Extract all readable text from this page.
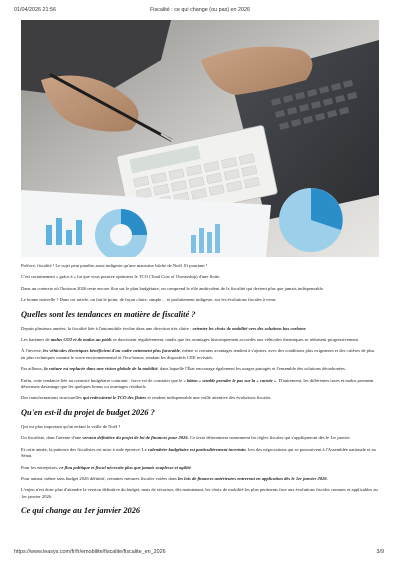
01/04/2026 21:56	Fiscalité : ce qui change (ou pas) en 2026

Préface, fiscalité ! Le sujet peut paraître aussi indigeste qu'une mauvaise bûche de Noël. Et pourtant !

C'est certainement « grâce à » lui que vous pourrez optimiser le TCO (Total Cost of Ownership) d'une flotte.

Dans un contexte où l'horizon 2026 reste encore flou sur le plan budgétaire, on comprend le rôle ambivalent de la fiscalité qui devient plus que jamais indispensable.

Le bonne nouvelle ? Dans cet article, on fait le point, de façon claire, simple… et parfaitement indigeste, sur les évolutions fiscales à venir.

Quelles sont les tendances en matière de fiscalité ?

Depuis plusieurs années, la fiscalité liée à l'automobile évolue dans une direction très claire : orienter les choix de mobilité vers des solutions bas carbone.

Les barèmes de malus CO2 et de malus au poids se durcissent régulièrement, tandis que les avantages historiquement accordés aux véhicules thermiques se réduisent progressivement.

À l'inverse, les véhicules électriques bénéficient d'un cadre nettement plus favorable, même si certains avantages tendent à s'ajuster, avec des conditions plus exigeantes et des critères de plus en plus techniques comme le score environnemental et l'éco-bonus, rendant les dispositifs CEE revisités.

Par ailleurs, la voiture est replacée dans une vision globale de la mobilité, dans laquelle l'État encourage également les usages partagés et l'ensemble des solutions décarbonées.

Enfin, cette tendance liée au contexte budgétaire contraint : force est de constater que le « bâton » semble prendre le pas sur la « carotte ». D'autrement, les différentes taxes et malus prennent désormais davantage que les quelques bonus ou avantages résiduels.

Des transformations structurelles qui redessinent le TCO des flottes et rendent indispensable une veille attentive des évolutions fiscales.

Qu'en est-il du projet de budget 2026 ?

Qui est plus important qu'un enfant la veille de Noël ?

Un fiscaliste, dans l'attente d'une version définitive du projet de loi de finances pour 2026. Ce texte déterminera notamment les règles fiscales qui s'appliqueront dès le 1er janvier.

Et cette année, la patience des fiscalistes est mise à rude épreuve. Le calendrier budgétaire est particulièrement incertain, lors des négociations qui se poursuivent à l'Assemblée nationale et au Sénat.

Pour les entreprises, ce flou politique et fiscal nécessite plus que jamais souplesse et agilité.

Pour autant, même sans budget 2026 définitif, certaines mesures fiscales votées dans les lois de finances antérieures entreront en application dès le 1er janvier 2026.

L'enjeu n'est donc plus d'attendre la version définitive du budget, mais de sécuriser, dès maintenant, les choix de mobilité les plus pertinents face aux évolutions fiscales connues et applicables au 1er janvier 2026.

Ce qui change au 1er janvier 2026
https://www.leasys.com/fr/fr/emobilite/fiscalite/fiscalite_en_2026	3/9
